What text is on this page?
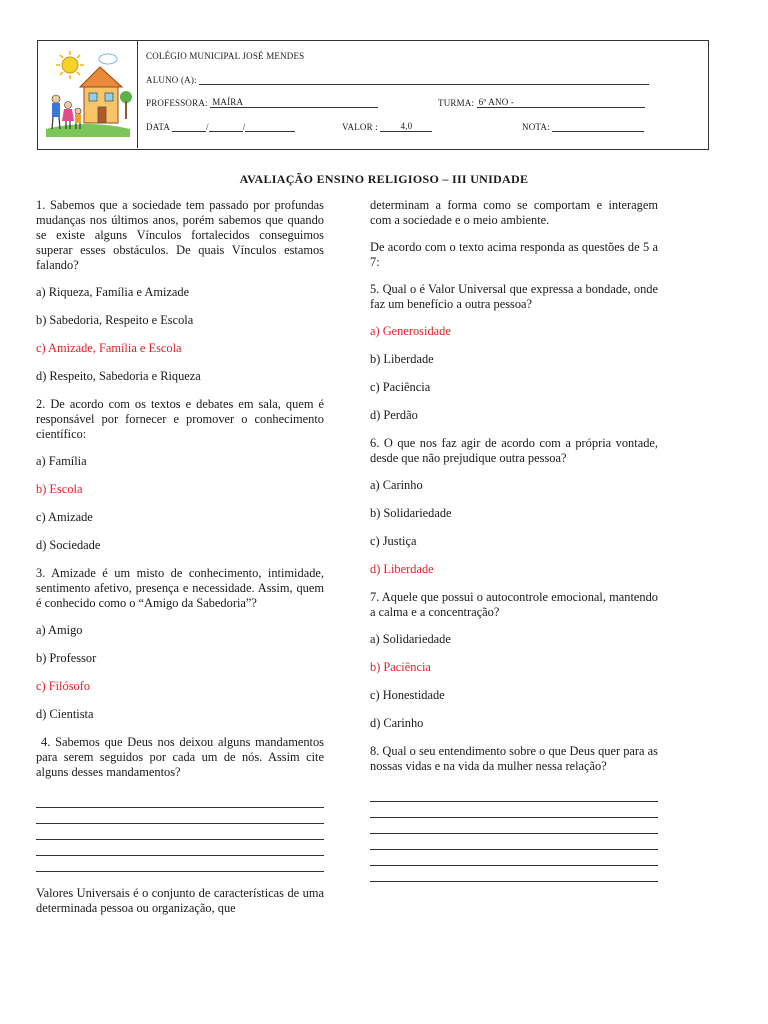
COLÉGIO MUNICIPAL JOSÉ MENDES
ALUNO (A):
PROFESSORA: MAÍRA	TURMA: 6º ANO -
DATA	/	/	VALOR :	4,0	NOTA:
AVALIAÇÃO ENSINO RELIGIOSO – III UNIDADE

1. Sabemos que a sociedade tem passado por profundas mudanças nos últimos anos, porém sabemos que quando se existe alguns Vínculos fortalecidos conseguimos superar esses obstáculos. De quais Vínculos estamos falando?

a) Riqueza, Família e Amizade
b) Sabedoria, Respeito e Escola
c) Amizade, Família e Escola
d) Respeito, Sabedoria e Riqueza

2. De acordo com os textos e debates em sala, quem é responsável por fornecer e promover o conhecimento científico:

a) Família
b) Escola
c) Amizade
d) Sociedade

3. Amizade é um misto de conhecimento, intimidade, sentimento afetivo, presença e necessidade. Assim, quem é conhecido como o “Amigo da Sabedoria”?

a) Amigo
b) Professor
c) Filósofo
d) Cientista

4. Sabemos que Deus nos deixou alguns mandamentos para serem seguidos por cada um de nós. Assim cite alguns desses mandamentos?

Valores Universais é o conjunto de características de uma determinada pessoa ou organização, que

determinam a forma como se comportam e interagem com a sociedade e o meio ambiente.

De acordo com o texto acima responda as questões de 5 a 7:

5. Qual o é Valor Universal que expressa a bondade, onde faz um benefício a outra pessoa?

a) Generosidade
b) Liberdade
c) Paciência
d) Perdão

6. O que nos faz agir de acordo com a própria vontade, desde que não prejudique outra pessoa?

a) Carinho
b) Solidariedade
c) Justiça
d) Liberdade

7. Aquele que possui o autocontrole emocional, mantendo a calma e a concentração?

a) Solidariedade
b) Paciência
c) Honestidade
d) Carinho

8. Qual o seu entendimento sobre o que Deus quer para as nossas vidas e na vida da mulher nessa relação?
